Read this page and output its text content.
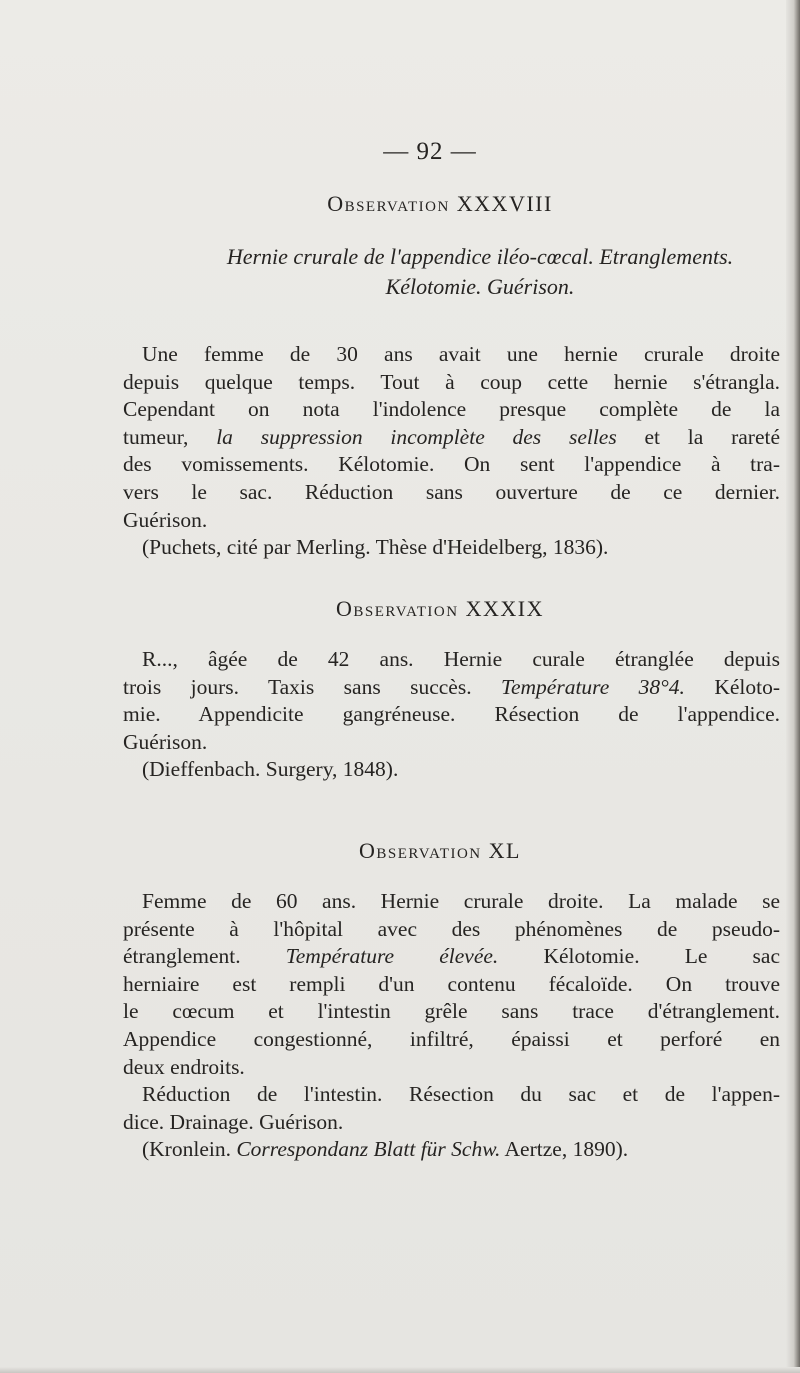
— 92 —
Observation XXXVIII
Hernie crurale de l'appendice iléo-cœcal. Etranglements.
Kélotomie. Guérison.

Une femme de 30 ans avait une hernie crurale droite
depuis quelque temps. Tout à coup cette hernie s'étrangla.
Cependant on nota l'indolence presque complète de la
tumeur, la suppression incomplète des selles et la rareté
des vomissements. Kélotomie. On sent l'appendice à tra-
vers le sac. Réduction sans ouverture de ce dernier.
Guérison.

(Puchets, cité par Merling. Thèse d'Heidelberg, 1836).

Observation XXXIX

R..., âgée de 42 ans. Hernie curale étranglée depuis
trois jours. Taxis sans succès. Température 38°4. Kéloto-
mie. Appendicite gangréneuse. Résection de l'appendice.
Guérison.

(Dieffenbach. Surgery, 1848).

Observation XL

Femme de 60 ans. Hernie crurale droite. La malade se
présente à l'hôpital avec des phénomènes de pseudo-
étranglement. Température élevée. Kélotomie. Le sac
herniaire est rempli d'un contenu fécaloïde. On trouve
le cœcum et l'intestin grêle sans trace d'étranglement.
Appendice congestionné, infiltré, épaissi et perforé en
deux endroits.

Réduction de l'intestin. Résection du sac et de l'appen-
dice. Drainage. Guérison.

(Kronlein. Correspondanz Blatt für Schw. Aertze, 1890).
